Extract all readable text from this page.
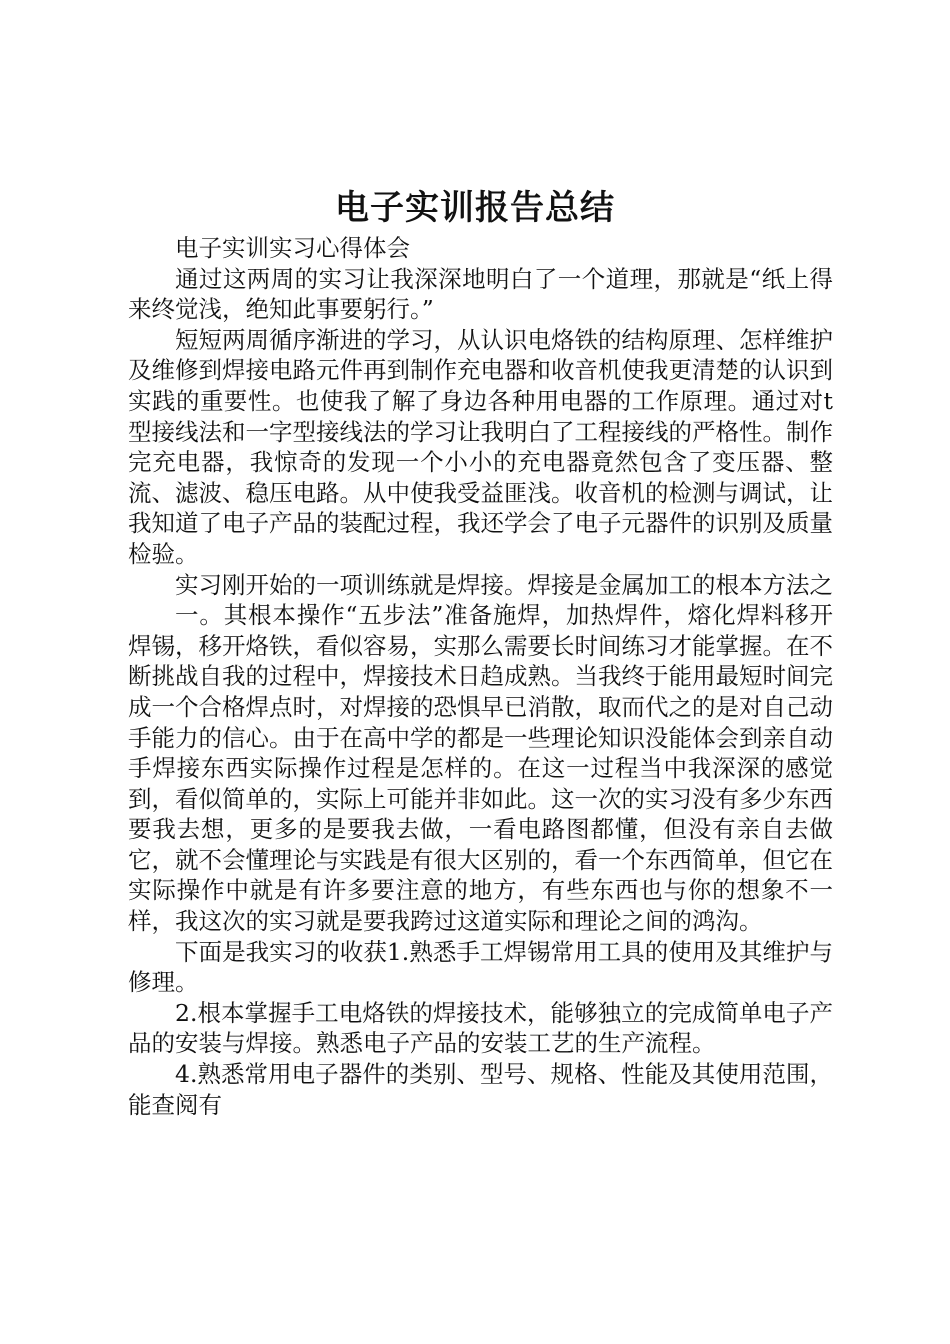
电子实训报告总结

电子实训实习心得体会

通过这两周的实习让我深深地明白了一个道理，那就是“纸上得来终觉浅，绝知此事要躬行。”

短短两周循序渐进的学习，从认识电烙铁的结构原理、怎样维护及维修到焊接电路元件再到制作充电器和收音机使我更清楚的认识到实践的重要性。也使我了解了身边各种用电器的工作原理。通过对t型接线法和一字型接线法的学习让我明白了工程接线的严格性。制作完充电器，我惊奇的发现一个小小的充电器竟然包含了变压器、整流、滤波、稳压电路。从中使我受益匪浅。收音机的检测与调试，让我知道了电子产品的装配过程，我还学会了电子元器件的识别及质量检验。

实习刚开始的一项训练就是焊接。焊接是金属加工的根本方法之

一。其根本操作“五步法”准备施焊，加热焊件，熔化焊料移开焊锡，移开烙铁，看似容易，实那么需要长时间练习才能掌握。在不断挑战自我的过程中，焊接技术日趋成熟。当我终于能用最短时间完成一个合格焊点时，对焊接的恐惧早已消散，取而代之的是对自己动手能力的信心。由于在高中学的都是一些理论知识没能体会到亲自动手焊接东西实际操作过程是怎样的。在这一过程当中我深深的感觉到，看似简单的，实际上可能并非如此。这一次的实习没有多少东西要我去想，更多的是要我去做，一看电路图都懂，但没有亲自去做它，就不会懂理论与实践是有很大区别的，看一个东西简单，但它在实际操作中就是有许多要注意的地方，有些东西也与你的想象不一样，我这次的实习就是要我跨过这道实际和理论之间的鸿沟。

下面是我实习的收获1.熟悉手工焊锡常用工具的使用及其维护与修理。

2.根本掌握手工电烙铁的焊接技术，能够独立的完成简单电子产品的安装与焊接。熟悉电子产品的安装工艺的生产流程。

4.熟悉常用电子器件的类别、型号、规格、性能及其使用范围，能查阅有
